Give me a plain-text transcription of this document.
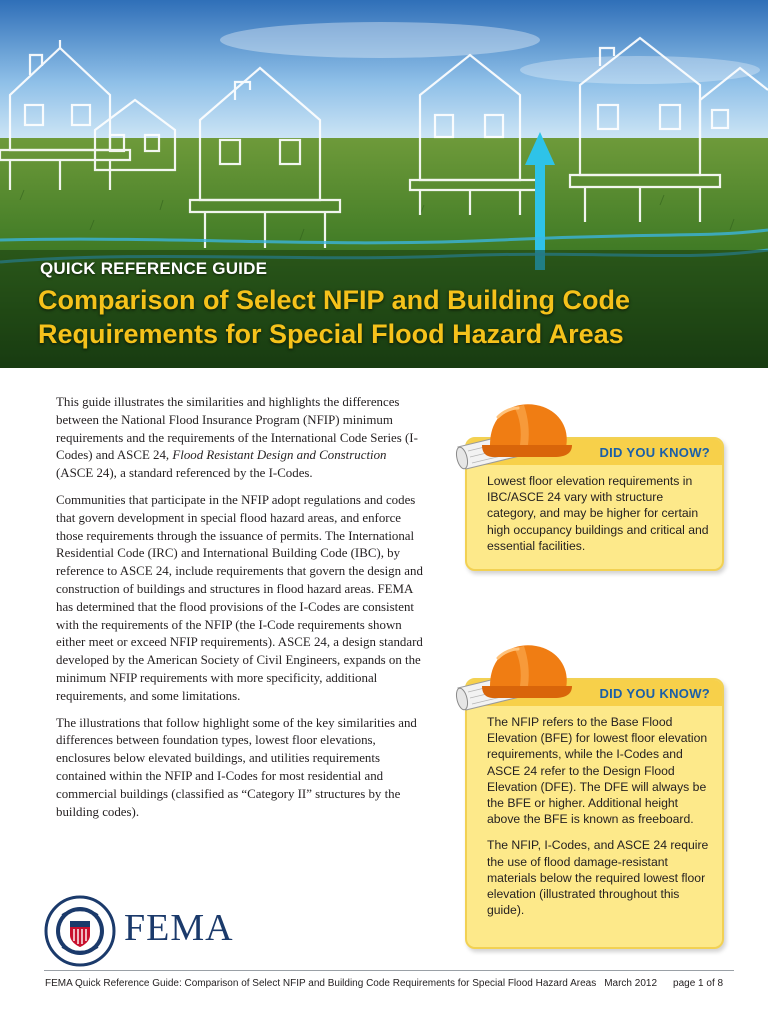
QUICK REFERENCE GUIDE
Comparison of Select NFIP and Building Code
Requirements for Special Flood Hazard Areas

This guide illustrates the similarities and highlights the differences between the National Flood Insurance Program (NFIP) minimum requirements and the requirements of the International Code Series (I-Codes) and ASCE 24, Flood Resistant Design and Construction (ASCE 24), a standard referenced by the I-Codes.

Communities that participate in the NFIP adopt regulations and codes that govern development in special flood hazard areas, and enforce those requirements through the issuance of permits. The International Residential Code (IRC) and International Building Code (IBC), by reference to ASCE 24, include requirements that govern the design and construction of buildings and structures in flood hazard areas. FEMA has determined that the flood provisions of the I-Codes are consistent with the requirements of the NFIP (the I-Code requirements shown either meet or exceed NFIP requirements). ASCE 24, a design standard developed by the American Society of Civil Engineers, expands on the minimum NFIP requirements with more specificity, additional requirements, and some limitations.

The illustrations that follow highlight some of the key similarities and differences between foundation types, lowest floor elevations, enclosures below elevated buildings, and utilities requirements contained within the NFIP and I-Codes for most residential and commercial buildings (classified as “Category II” structures by the building codes).

FEMA
DID YOU KNOW?

Lowest floor elevation requirements in IBC/ASCE 24 vary with structure category, and may be higher for certain high occupancy buildings and critical and essential facilities.

DID YOU KNOW?

The NFIP refers to the Base Flood Elevation (BFE) for lowest floor elevation requirements, while the I-Codes and ASCE 24 refer to the Design Flood Elevation (DFE). The DFE will always be the BFE or higher. Additional height above the BFE is known as freeboard.

The NFIP, I-Codes, and ASCE 24 require the use of flood damage-resistant materials below the required lowest floor elevation (illustrated throughout this guide).

FEMA Quick Reference Guide: Comparison of Select NFIP and Building Code Requirements for Special Flood Hazard Areas March 2012 page 1 of 8
